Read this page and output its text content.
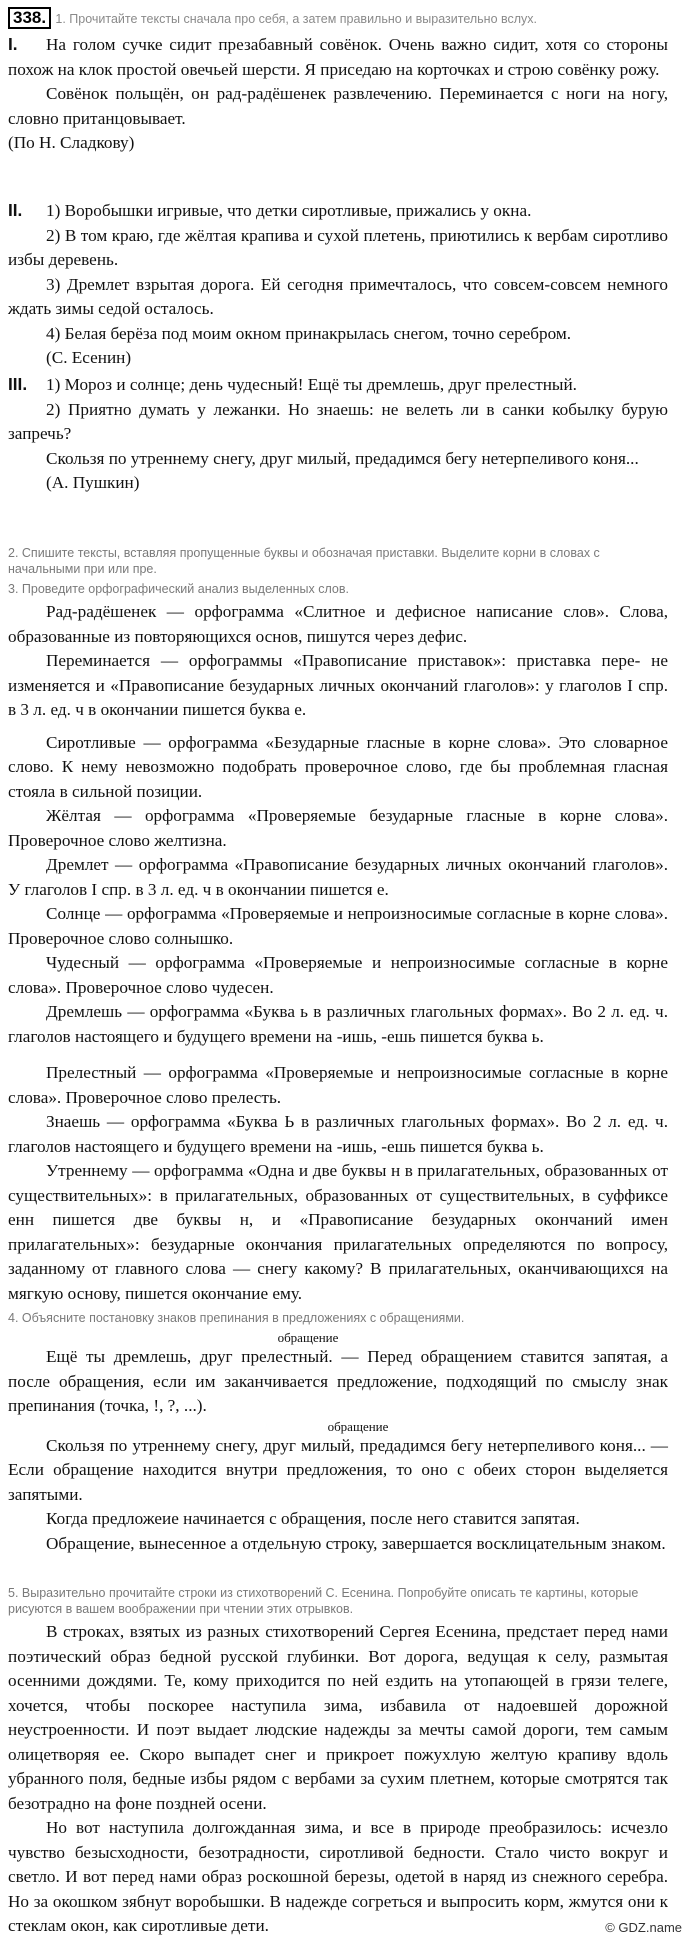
338. 1. Прочитайте тексты сначала про себя, а затем правильно и выразительно вслух.

I. На голом сучке сидит презабавный совёнок. Очень важно сидит, хотя со стороны похож на клок простой овечьей шерсти. Я приседаю на корточках и строю совёнку рожу.

Совёнок польщён, он рад-радёшенек развлечению. Переминается с ноги на ногу, словно пританцовывает.

(По Н. Сладкову)

II. 1) Воробышки игривые, что детки сиротливые, прижались у окна.

2) В том краю, где жёлтая крапива и сухой плетень, приютились к вербам сиротливо избы деревень.

3) Дремлет взрытая дорога. Ей сегодня примечталось, что совсем-совсем немного ждать зимы седой осталось.

4) Белая берёза под моим окном принакрылась снегом, точно серебром.

(С. Есенин)

III. 1) Мороз и солнце; день чудесный! Ещё ты дремлешь, друг прелестный.

2) Приятно думать у лежанки. Но знаешь: не велеть ли в санки кобылку бурую запречь?

Скользя по утреннему снегу, друг милый, предадимся бегу нетерпеливого коня...

(А. Пушкин)

2. Спишите тексты, вставляя пропущенные буквы и обозначая приставки. Выделите корни в словах с начальными при или пре.
3. Проведите орфографический анализ выделенных слов.

Рад-радёшенек — орфограмма «Слитное и дефисное написание слов». Слова, образованные из повторяющихся основ, пишутся через дефис.

Переминается — орфограммы «Правописание приставок»: приставка пере- не изменяется и «Правописание безударных личных окончаний глаголов»: у глаголов I спр. в 3 л. ед. ч в окончании пишется буква е.

Сиротливые — орфограмма «Безударные гласные в корне слова». Это словарное слово. К нему невозможно подобрать проверочное слово, где бы проблемная гласная стояла в сильной позиции.

Жёлтая — орфограмма «Проверяемые безударные гласные в корне слова». Проверочное слово желтизна.

Дремлет — орфограмма «Правописание безударных личных окончаний глаголов». У глаголов I спр. в 3 л. ед. ч в окончании пишется е.

Солнце — орфограмма «Проверяемые и непроизносимые согласные в корне слова». Проверочное слово солнышко.

Чудесный — орфограмма «Проверяемые и непроизносимые согласные в корне слова». Проверочное слово чудесен.

Дремлешь — орфограмма «Буква ь в различных глагольных формах». Во 2 л. ед. ч. глаголов настоящего и будущего времени на -ишь, -ешь пишется буква ь.

Прелестный — орфограмма «Проверяемые и непроизносимые согласные в корне слова». Проверочное слово прелесть.

Знаешь — орфограмма «Буква Ь в различных глагольных формах». Во 2 л. ед. ч. глаголов настоящего и будущего времени на -ишь, -ешь пишется буква ь.

Утреннему — орфограмма «Одна и две буквы н в прилагательных, образованных от существительных»: в прилагательных, образованных от существительных, в суффиксе енн пишется две буквы н, и «Правописание безударных окончаний имен прилагательных»: безударные окончания прилагательных определяются по вопросу, заданному от главного слова — снегу какому? В прилагательных, оканчивающихся на мягкую основу, пишется окончание ему.

4. Объясните постановку знаков препинания в предложениях с обращениями.

обращение

Ещё ты дремлешь, друг прелестный. — Перед обращением ставится запятая, а после обращения, если им заканчивается предложение, подходящий по смыслу знак препинания (точка, !, ?, ...).

обращение

Скользя по утреннему снегу, друг милый, предадимся бегу нетерпеливого коня... — Если обращение находится внутри предложения, то оно с обеих сторон выделяется запятыми.

Когда предложеие начинается с обращения, после него ставится запятая.

Обращение, вынесенное а отдельную строку, завершается восклицательным знаком.

5. Выразительно прочитайте строки из стихотворений С. Есенина. Попробуйте описать те картины, которые рисуются в вашем воображении при чтении этих отрывков.

В строках, взятых из разных стихотворений Сергея Есенина, предстает перед нами поэтический образ бедной русской глубинки. Вот дорога, ведущая к селу, размытая осенними дождями. Те, кому приходится по ней ездить на утопающей в грязи телеге, хочется, чтобы поскорее наступила зима, избавила от надоевшей дорожной неустроенности. И поэт выдает людские надежды за мечты самой дороги, тем самым олицетворяя ее. Скоро выпадет снег и прикроет пожухлую желтую крапиву вдоль убранного поля, бедные избы рядом с вербами за сухим плетнем, которые смотрятся так безотрадно на фоне поздней осени.

Но вот наступила долгожданная зима, и все в природе преобразилось: исчезло чувство безысходности, безотрадности, сиротливой бедности. Стало чисто вокруг и светло. И вот перед нами образ роскошной березы, одетой в наряд из снежного серебра. Но за окошком зябнут воробышки. В надежде согреться и выпросить корм, жмутся они к стеклам окон, как сиротливые дети.	© GDZ.name
